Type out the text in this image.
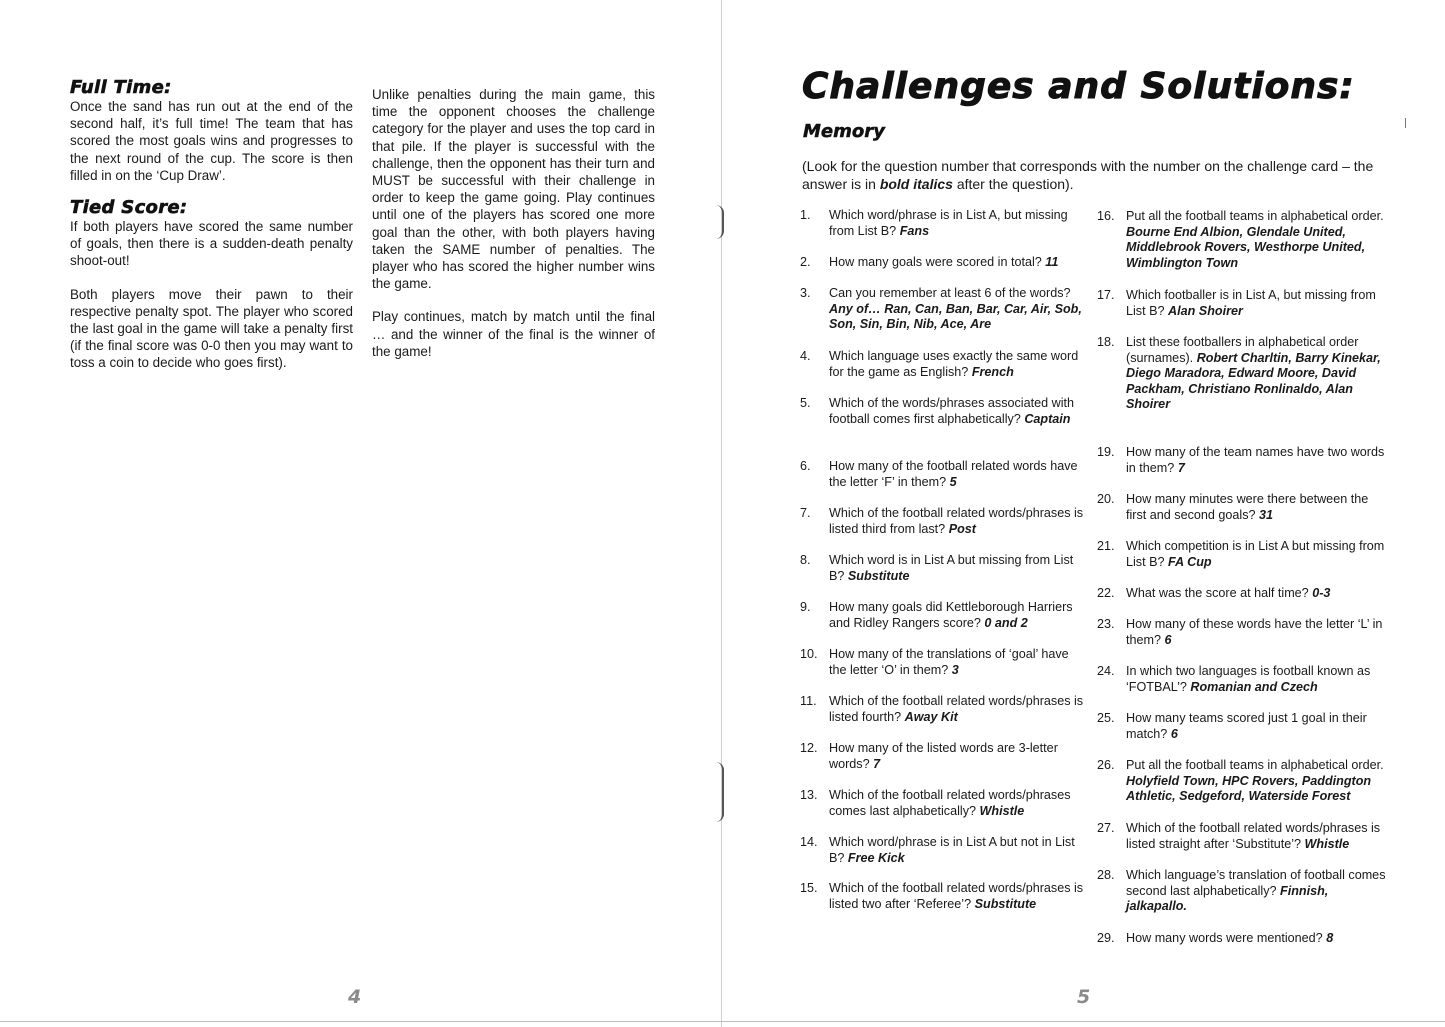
Full Time:

Once the sand has run out at the end of the second half, it’s full time! The team that has scored the most goals wins and progresses to the next round of the cup. The score is then filled in on the ‘Cup Draw’.

Tied Score:

If both players have scored the same number of goals, then there is a sudden-death penalty shoot-out!

Both players move their pawn to their respective penalty spot. The player who scored the last goal in the game will take a penalty first (if the final score was 0-0 then you may want to toss a coin to decide who goes first).

Unlike penalties during the main game, this time the opponent chooses the challenge category for the player and uses the top card in that pile. If the player is successful with the challenge, then the opponent has their turn and MUST be successful with their challenge in order to keep the game going. Play continues until one of the players has scored one more goal than the other, with both players having taken the SAME number of penalties. The player who has scored the higher number wins the game.

Play continues, match by match until the final … and the winner of the final is the winner of the game!

4
Challenges and Solutions:
Memory

(Look for the question number that corresponds with the number on the challenge card – the answer is in bold italics after the question).

1.	Which word/phrase is in List A, but missing from List B? Fans
2.	How many goals were scored in total? 11
3.	Can you remember at least 6 of the words? Any of… Ran, Can, Ban, Bar, Car, Air, Sob, Son, Sin, Bin, Nib, Ace, Are
4.	Which language uses exactly the same word for the game as English? French
5.	Which of the words/phrases associated with football comes first alphabetically? Captain
6.	How many of the football related words have the letter ‘F’ in them? 5
7.	Which of the football related words/phrases is listed third from last? Post
8.	Which word is in List A but missing from List B? Substitute
9.	How many goals did Kettleborough Harriers and Ridley Rangers score? 0 and 2
10. How many of the translations of ‘goal’ have the letter ‘O’ in them? 3
11. Which of the football related words/phrases is listed fourth? Away Kit
12. How many of the listed words are 3-letter words? 7
13. Which of the football related words/phrases comes last alphabetically? Whistle
14. Which word/phrase is in List A but not in List B? Free Kick
15. Which of the football related words/phrases is listed two after ‘Referee’? Substitute
16. Put all the football teams in alphabetical order. Bourne End Albion, Glendale United, Middlebrook Rovers, Westhorpe United, Wimblington Town
17. Which footballer is in List A, but missing from List B? Alan Shoirer
18. List these footballers in alphabetical order (surnames). Robert Charltin, Barry Kinekar, Diego Maradora, Edward Moore, David Packham, Christiano Ronlinaldo, Alan Shoirer
19. How many of the team names have two words in them? 7
20. How many minutes were there between the first and second goals? 31
21. Which competition is in List A but missing from List B? FA Cup
22. What was the score at half time? 0-3
23. How many of these words have the letter ‘L’ in them? 6
24. In which two languages is football known as ‘FOTBAL’? Romanian and Czech
25. How many teams scored just 1 goal in their match? 6
26. Put all the football teams in alphabetical order. Holyfield Town, HPC Rovers, Paddington Athletic, Sedgeford, Waterside Forest
27. Which of the football related words/phrases is listed straight after ‘Substitute’? Whistle
28. Which language’s translation of football comes second last alphabetically? Finnish, jalkapallo.
29. How many words were mentioned? 8
5
